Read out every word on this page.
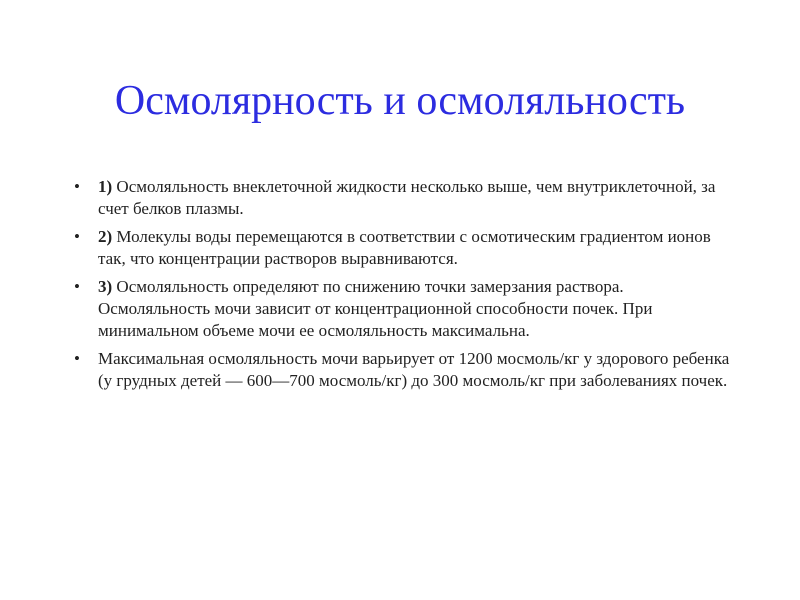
Осмолярность и осмоляльность
• 1) Осмоляльность внеклеточной жидкости несколько выше, чем внутриклеточной, за счет белков плазмы.
• 2) Молекулы воды перемещаются в соответствии с осмотическим градиентом ионов так, что концентрации растворов выравниваются.
• 3) Осмоляльность определяют по снижению точки замерзания раствора. Осмоляльность мочи зависит от концентрационной способности почек. При минимальном объеме мочи ее осмоляльность максимальна.
• Максимальная осмоляльность мочи варьирует от 1200 мосмоль/кг у здорового ребенка (у грудных детей — 600—700 мосмоль/кг) до 300 мосмоль/кг при заболеваниях почек.
